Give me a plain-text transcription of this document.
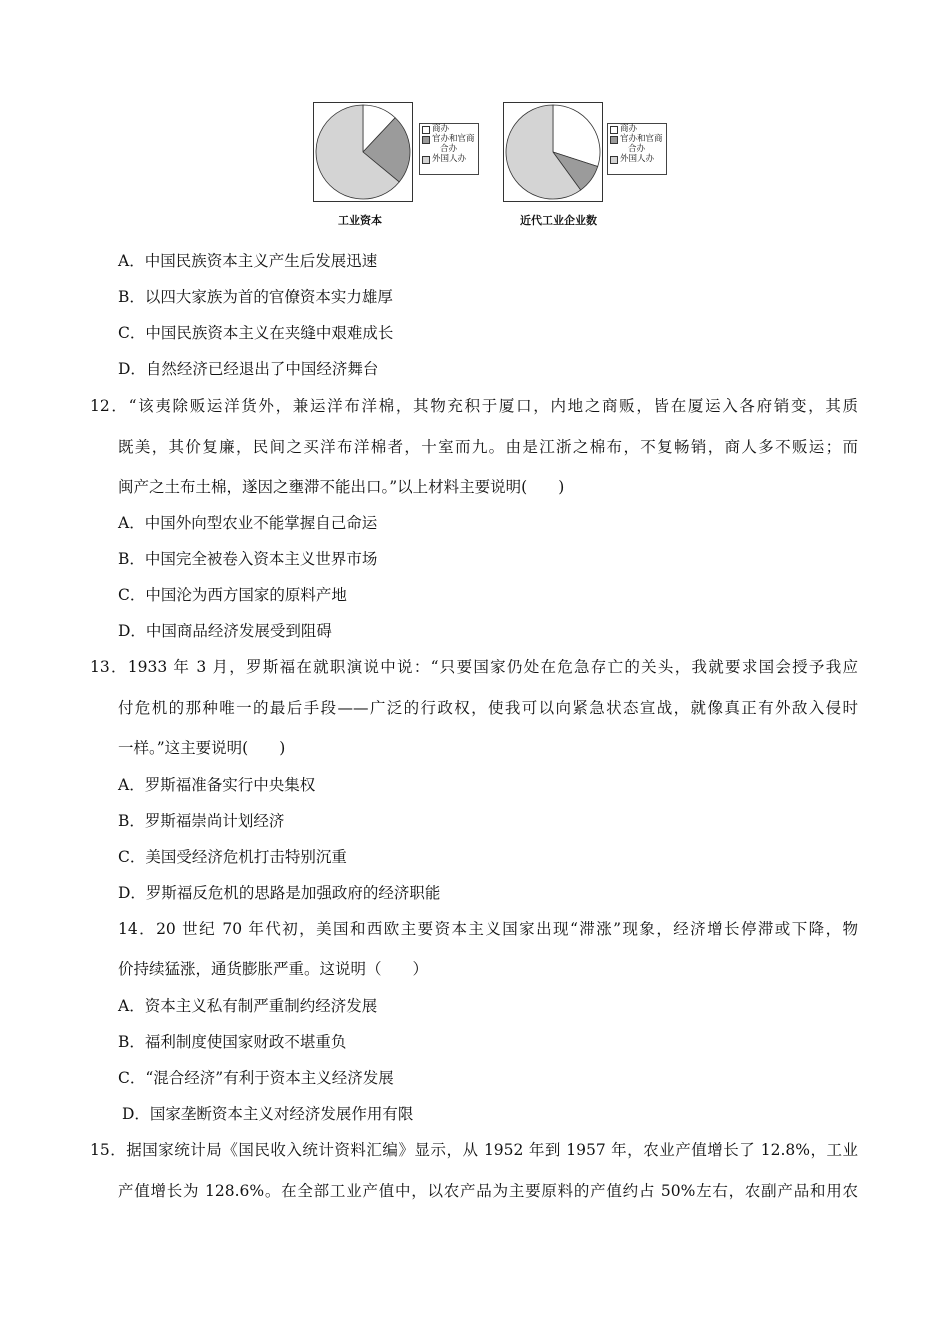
商办
官办和官商
合办
外国人办
工业资本
商办
官办和官商
合办
外国人办
近代工业企业数
A．中国民族资本主义产生后发展迅速
B．以四大家族为首的官僚资本实力雄厚
C．中国民族资本主义在夹缝中艰难成长
D．自然经济已经退出了中国经济舞台
12．“该夷除贩运洋货外，兼运洋布洋棉，其物充积于厦口，内地之商贩，皆在厦运入各府销变，其质
既美，其价复廉，民间之买洋布洋棉者，十室而九。由是江浙之棉布，不复畅销，商人多不贩运；而
闽产之土布土棉，遂因之壅滞不能出口。”以上材料主要说明(　　)
A．中国外向型农业不能掌握自己命运
B．中国完全被卷入资本主义世界市场
C．中国沦为西方国家的原料产地
D．中国商品经济发展受到阻碍
13．1933 年 3 月，罗斯福在就职演说中说：“只要国家仍处在危急存亡的关头，我就要求国会授予我应
付危机的那种唯一的最后手段——广泛的行政权，使我可以向紧急状态宣战，就像真正有外敌入侵时
一样。”这主要说明(　　)
A．罗斯福准备实行中央集权
B．罗斯福崇尚计划经济
C．美国受经济危机打击特别沉重
D．罗斯福反危机的思路是加强政府的经济职能
14．20 世纪 70 年代初，美国和西欧主要资本主义国家出现“滞涨”现象，经济增长停滞或下降，物
价持续猛涨，通货膨胀严重。这说明（　　）
A．资本主义私有制严重制约经济发展
B．福利制度使国家财政不堪重负
C．“混合经济”有利于资本主义经济发展
D．国家垄断资本主义对经济发展作用有限
15．据国家统计局《国民收入统计资料汇编》显示，从 1952 年到 1957 年，农业产值增长了 12.8%，工业
产值增长为 128.6%。在全部工业产值中，以农产品为主要原料的产值约占 50%左右，农副产品和用农
